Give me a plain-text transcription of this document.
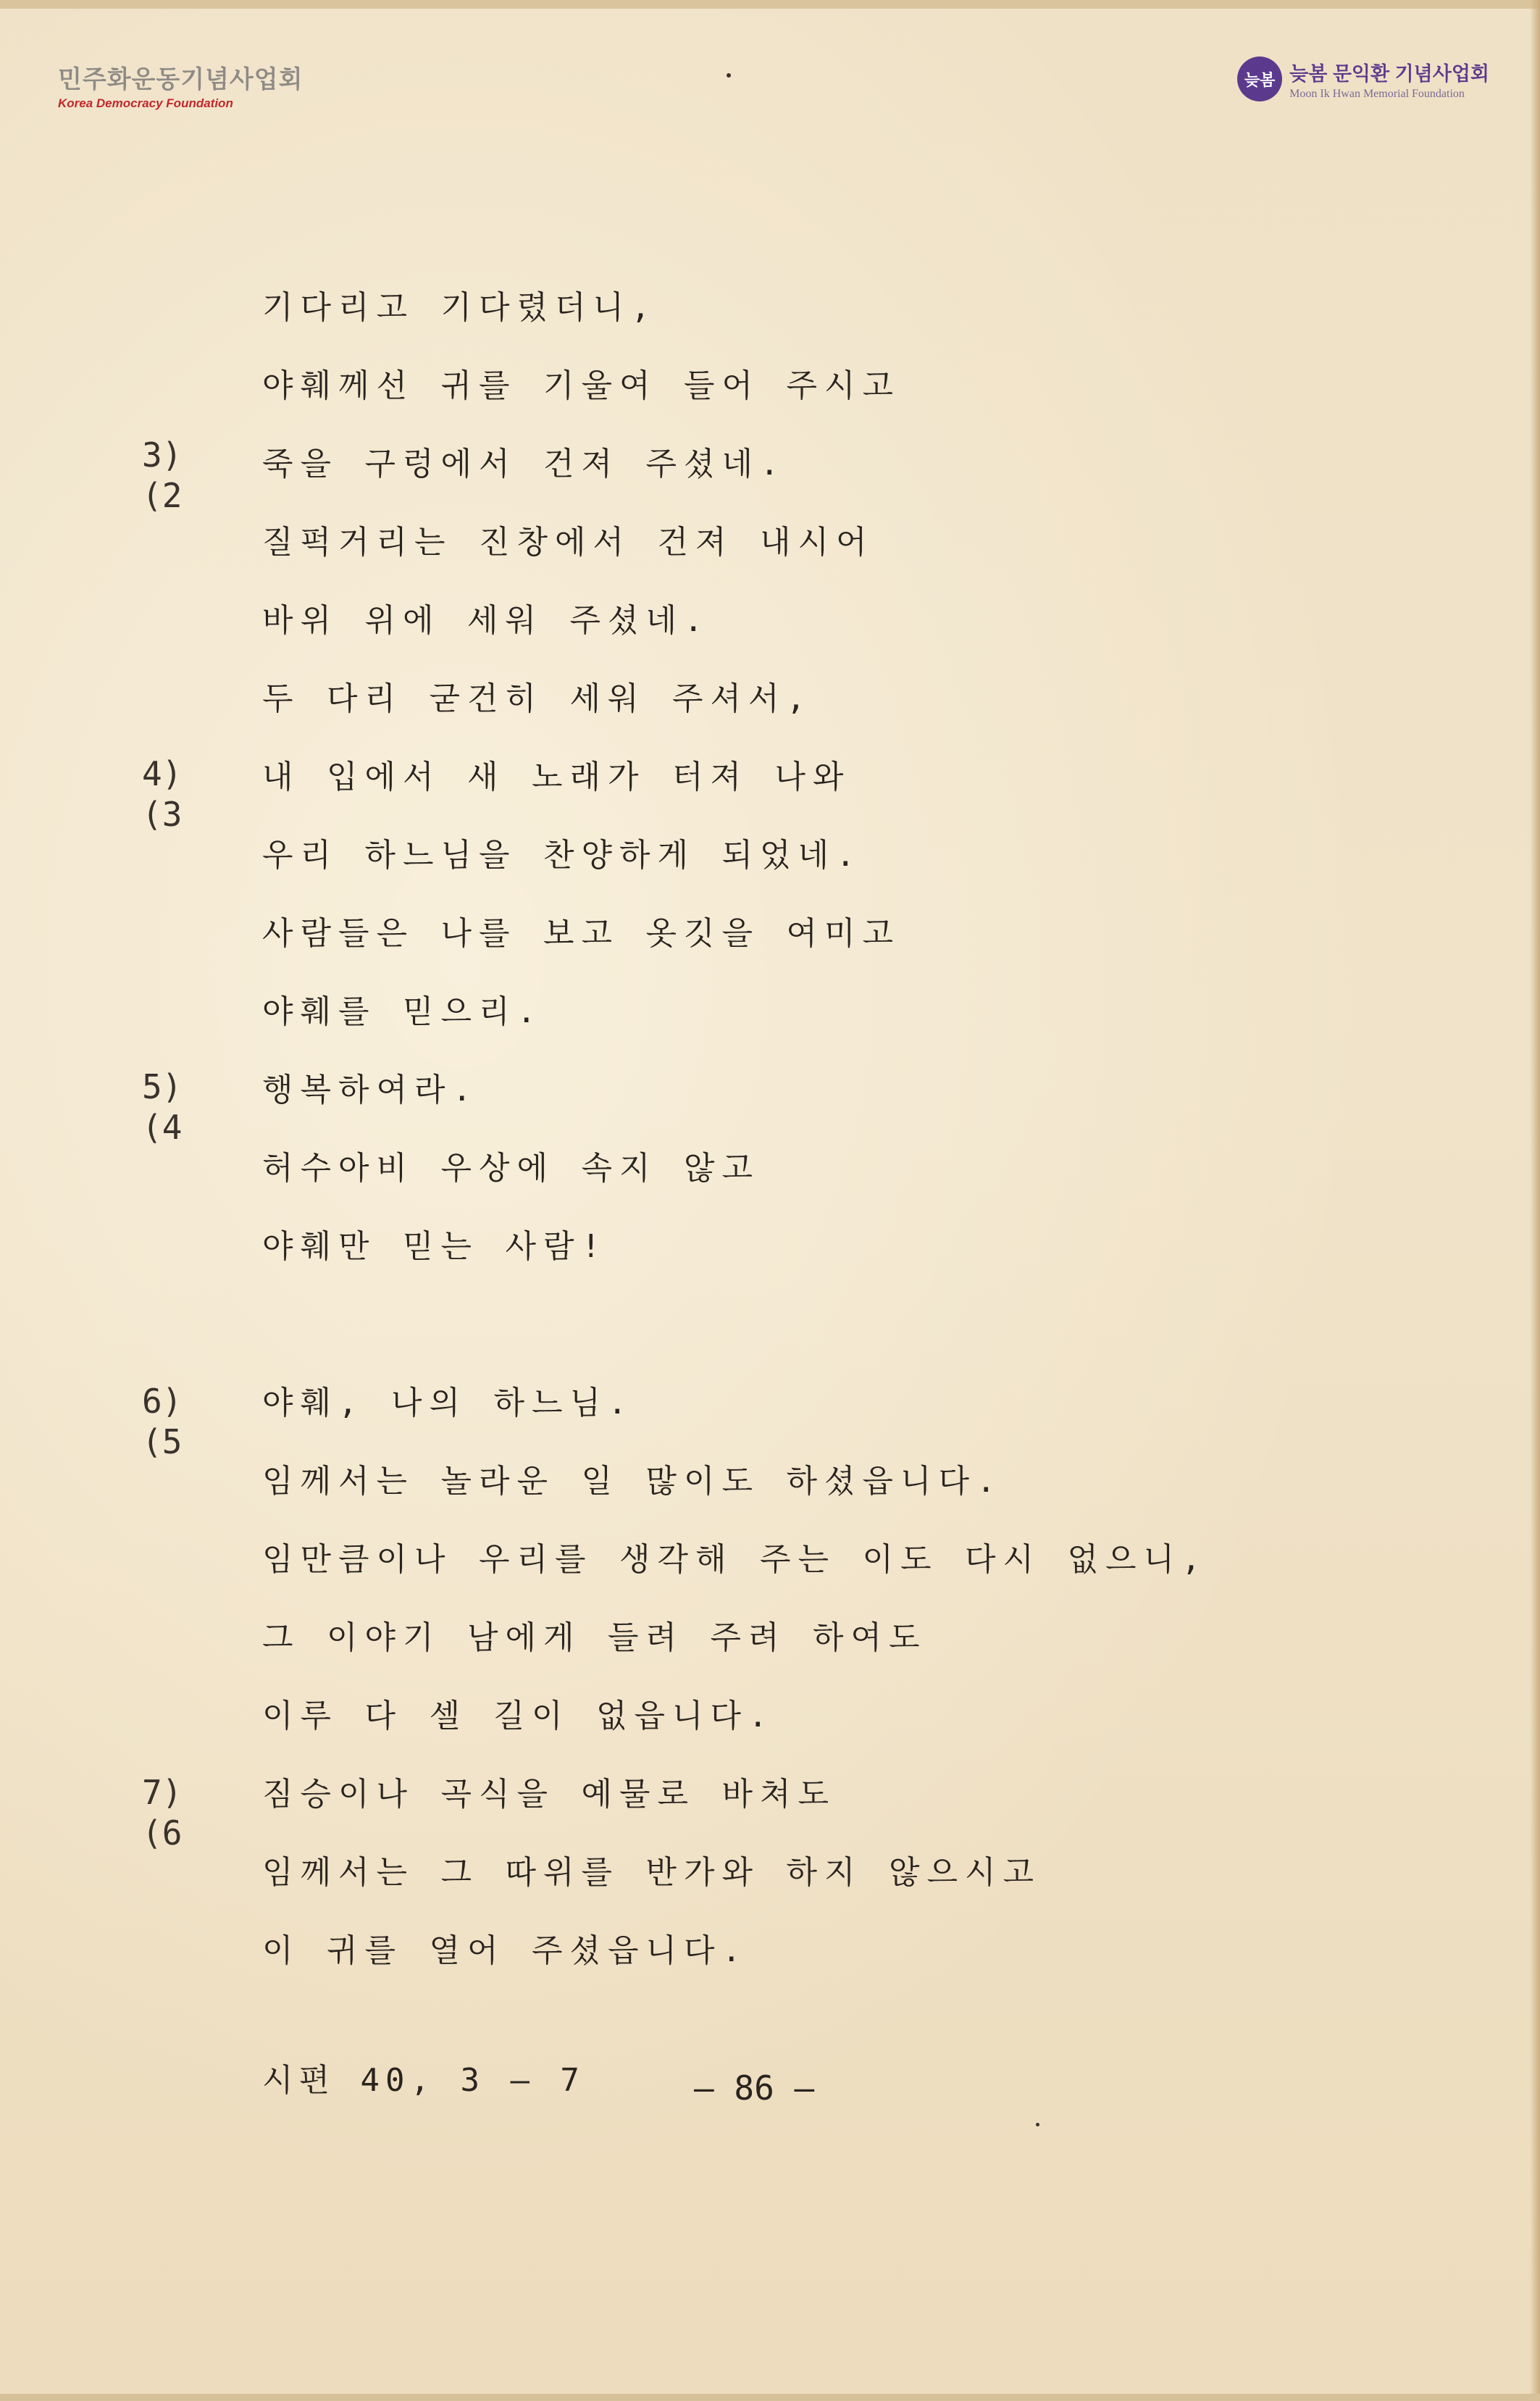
민주화운동기념사업회
Korea Democracy Foundation
늦봄 늦봄 문익환 기념사업회
Moon Ik Hwan Memorial Foundation
3)
(2
4)
(3
5)
(4
6)
(5
7)
(6
기다리고 기다렸더니,
야훼께선 귀를 기울여 들어 주시고
죽을 구렁에서 건져 주셨네.
질퍽거리는 진창에서 건져 내시어
바위 위에 세워 주셨네.
두 다리 굳건히 세워 주셔서,
내 입에서 새 노래가 터져 나와
우리 하느님을 찬양하게 되었네.
사람들은 나를 보고 옷깃을 여미고
야훼를 믿으리.
행복하여라.
허수아비 우상에 속지 않고
야훼만 믿는 사람!
야훼, 나의 하느님.
임께서는 놀라운 일 많이도 하셨읍니다.
임만큼이나 우리를 생각해 주는 이도 다시 없으니,
그 이야기 남에게 들려 주려 하여도
이루 다 셀 길이 없읍니다.
짐승이나 곡식을 예물로 바쳐도
임께서는 그 따위를 반가와 하지 않으시고
이 귀를 열어 주셨읍니다.
시편 40, 3 — 7	— 86 —
